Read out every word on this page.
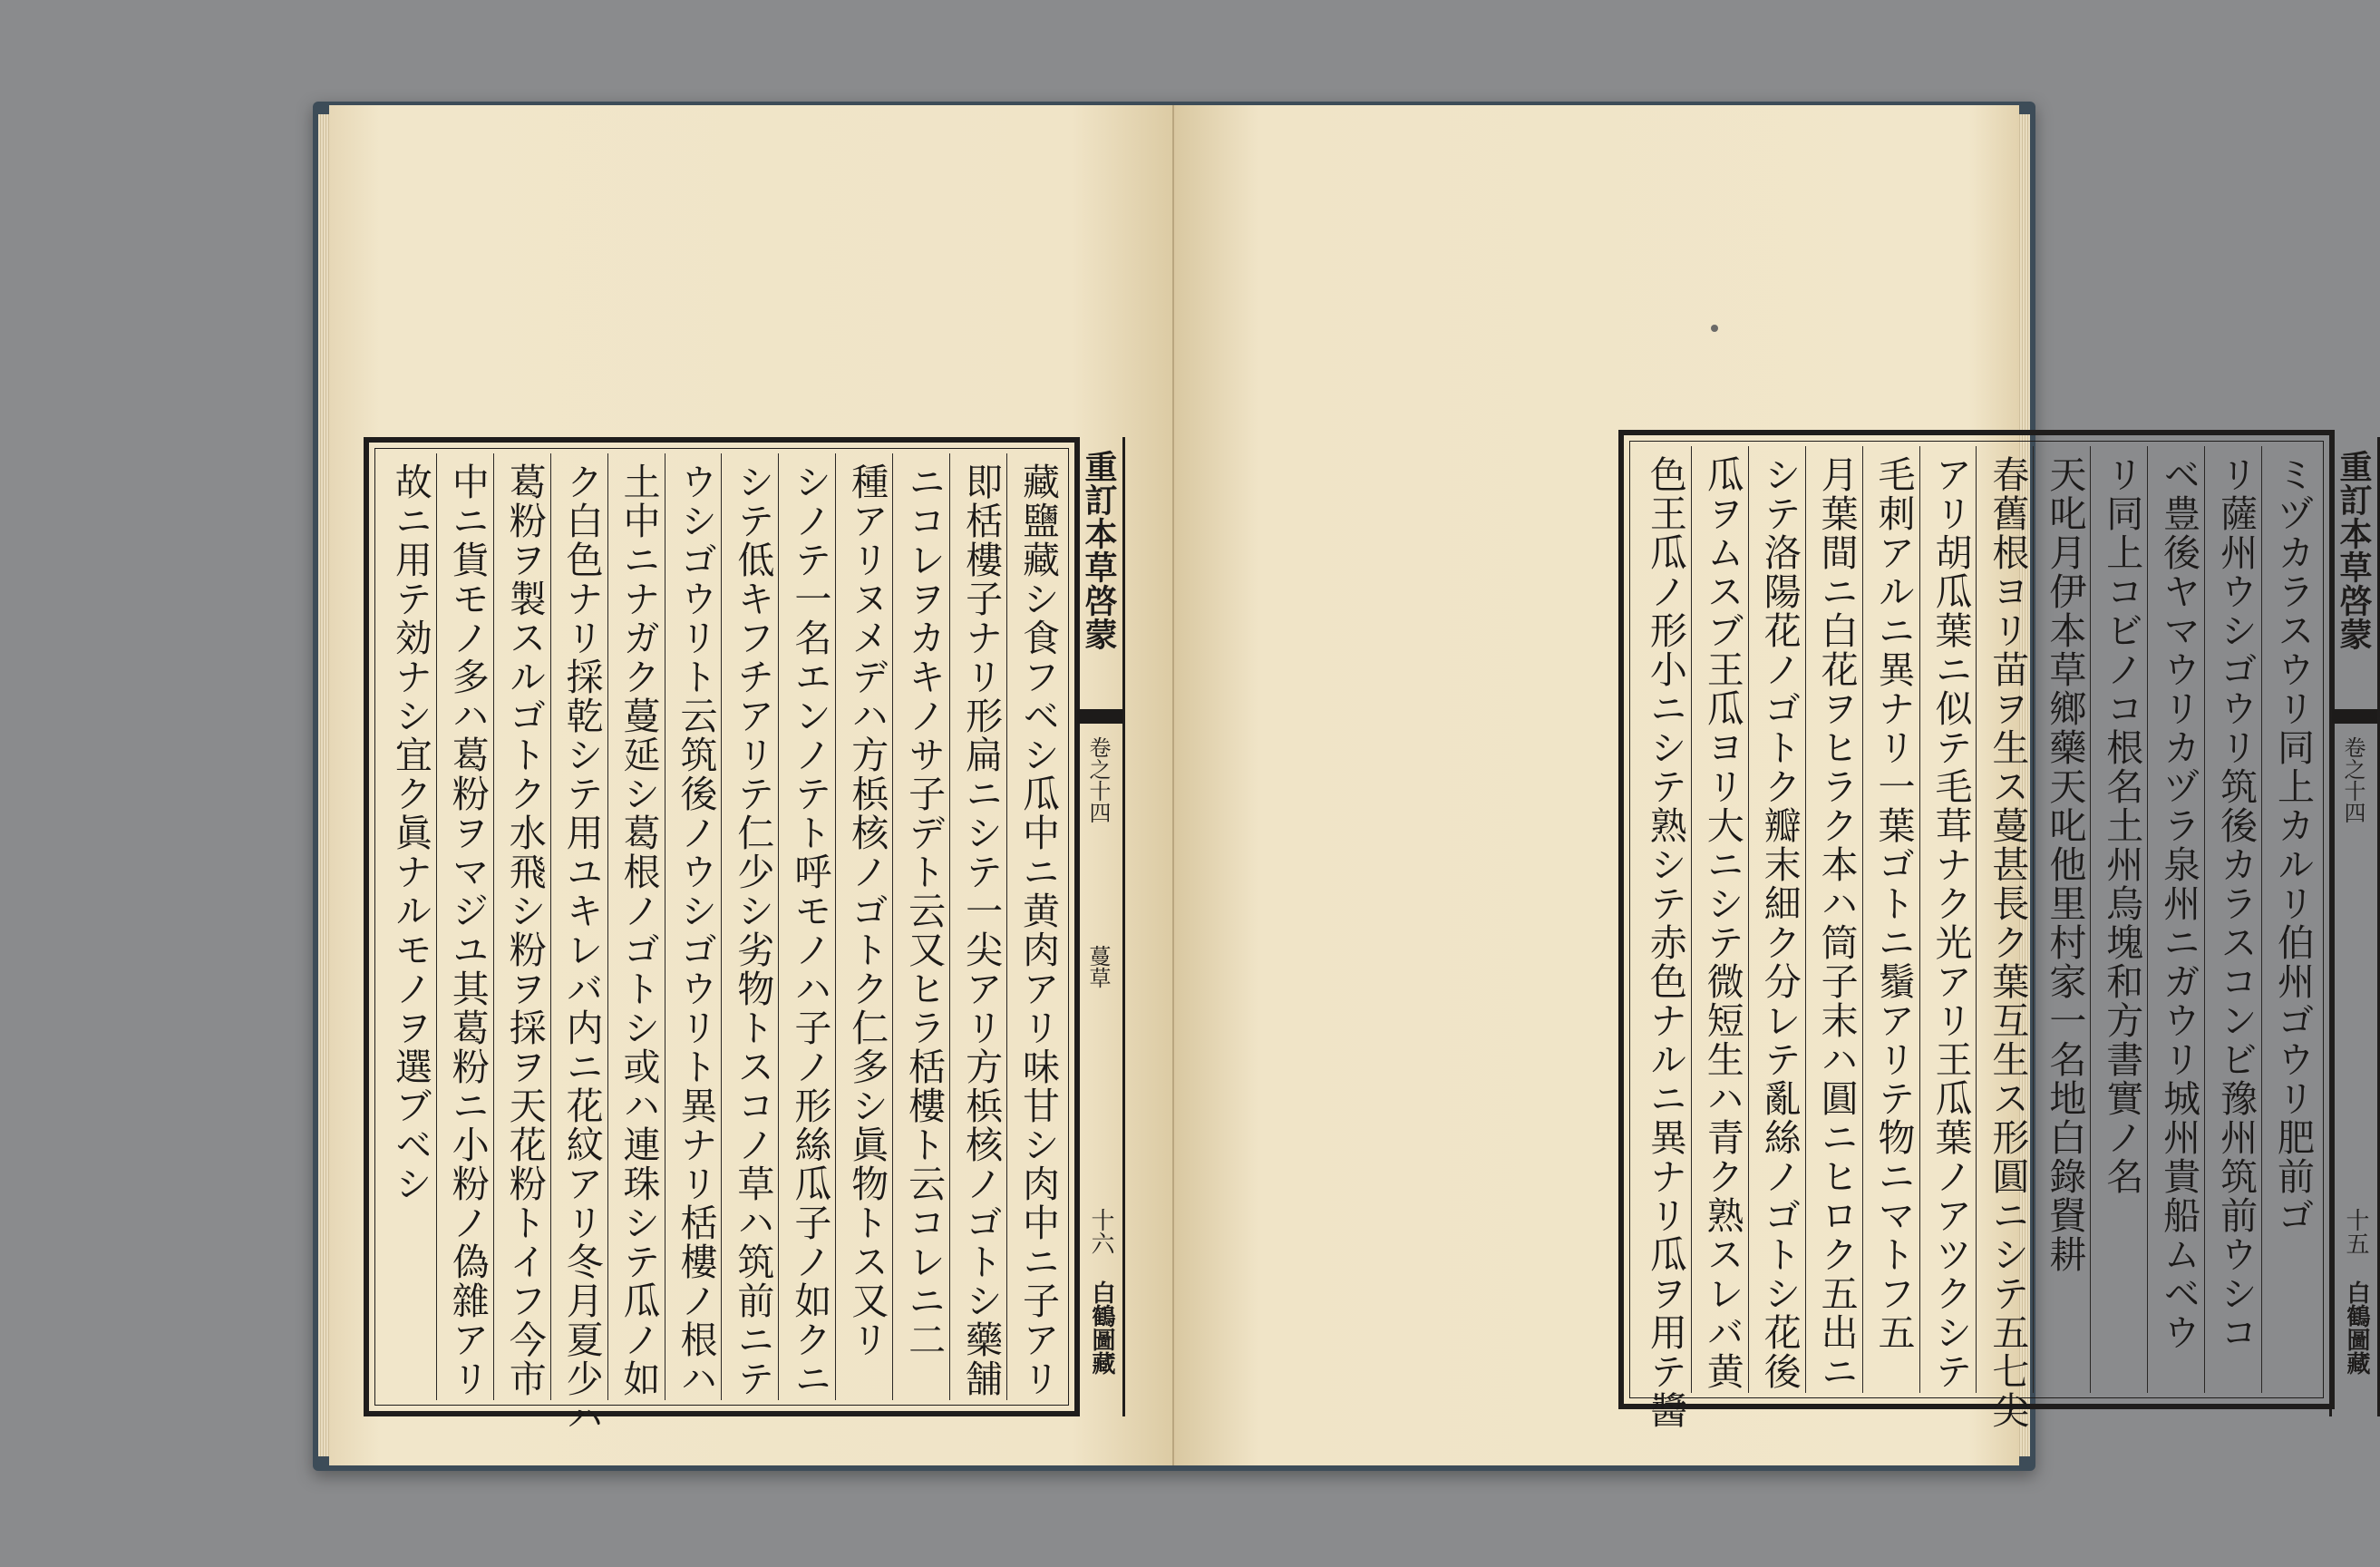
藏鹽藏シ食フベシ瓜中ニ黄肉アリ味甘シ肉中ニ子アリ
即栝樓子ナリ形扁ニシテ一尖アリ方梹核ノゴトシ藥舗
ニコレヲカキノサ子デト云又ヒラ栝樓ト云コレニ二
種アリヌメデハ方梹核ノゴトク仁多シ眞物トス又リ
シノテ一名エンノテト呼モノハ子ノ形絲瓜子ノ如クニ
シテ低キフチアリテ仁少シ劣物トスコノ草ハ筑前ニテ
ウシゴウリト云筑後ノウシゴウリト異ナリ栝樓ノ根ハ
土中ニナガク蔓延シ葛根ノゴトシ或ハ連珠シテ瓜ノ如
ク白色ナリ採乾シテ用ユキレバ内ニ花紋アリ冬月夏少ハ
葛粉ヲ製スルゴトク水飛シ粉ヲ採ヲ天花粉トイフ今市
中ニ貨モノ多ハ葛粉ヲマジユ其葛粉ニ小粉ノ偽雜アリ
故ニ用テ効ナシ宜ク眞ナルモノヲ選ブベシ	重訂本草啓蒙
卷之十四
蔓草
十六
白鶴圖藏
ミヅカラスウリ同上カルリ伯州ゴウリ肥前ゴ
リ薩州ウシゴウリ筑後カラスコンビ豫州筑前ウシコ
ベ豊後ヤマウリカヅラ泉州ニガウリ城州貴船ムベウ
リ同上コビノコ根名土州烏塊和方書實ノ名
天叱月伊本草鄉藥天叱他里村家一名地白錄䝿耕
春舊根ヨリ苗ヲ生ス蔓甚長ク葉互生ス形圓ニシテ五七尖
アリ胡瓜葉ニ似テ毛茸ナク光アリ王瓜葉ノアツクシテ
毛刺アルニ異ナリ一葉ゴトニ鬚アリテ物ニマトフ五
月葉間ニ白花ヲヒラク本ハ筒子末ハ圓ニヒロク五出ニ
シテ洛陽花ノゴトク瓣末細ク分レテ亂絲ノゴトシ花後
瓜ヲムスブ王瓜ヨリ大ニシテ微短生ハ青ク熟スレバ黄
色王瓜ノ形小ニシテ熟シテ赤色ナルニ異ナリ瓜ヲ用テ醬	重訂本草啓蒙
卷之十四
十五
白鶴圖藏
